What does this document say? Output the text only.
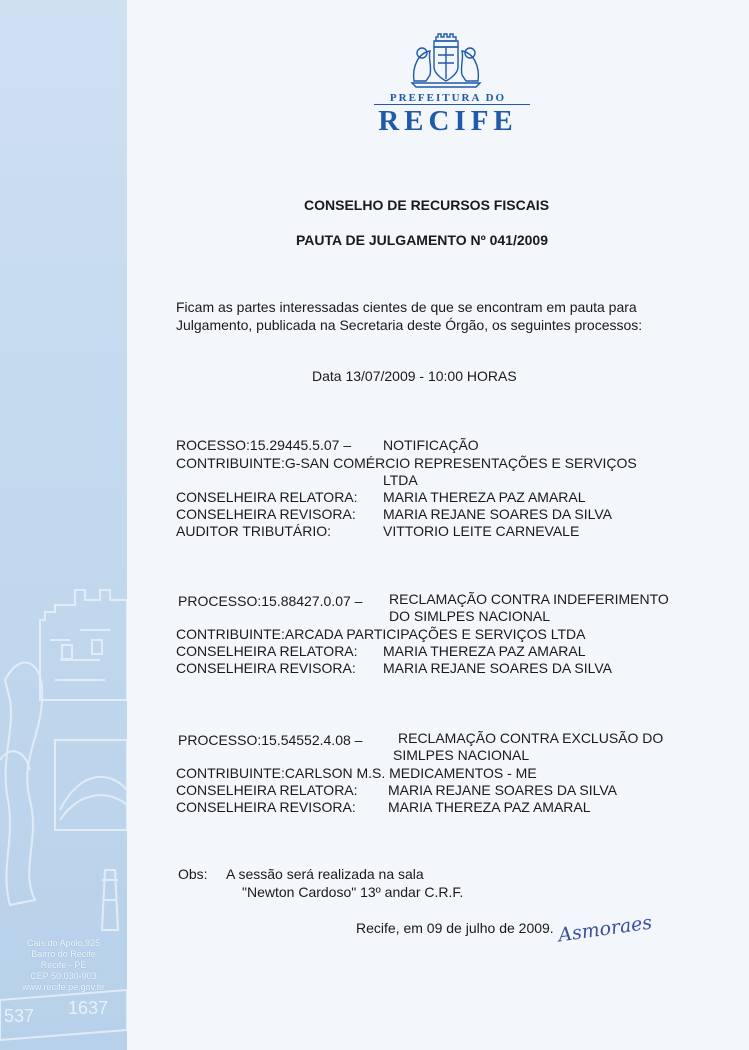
537 1637
Cais do Apolo,925
Bairro do Recife
Recife - PE
CEP 50.030-903
www.recife.pe.gov.br
PREFEITURA DO
RECIFE
CONSELHO DE RECURSOS FISCAIS
PAUTA DE JULGAMENTO Nº 041/2009
Ficam as partes interessadas cientes de que se encontram em pauta para
Julgamento, publicada na Secretaria deste Órgão, os seguintes processos:
Data 13/07/2009 - 10:00 HORAS
ROCESSO:15.29445.5.07 – NOTIFICAÇÃO
CONTRIBUINTE:G-SAN COMÉRCIO REPRESENTAÇÕES E SERVIÇOS
LTDA
CONSELHEIRA RELATORA: MARIA THEREZA PAZ AMARAL
CONSELHEIRA REVISORA: MARIA REJANE SOARES DA SILVA
AUDITOR TRIBUTÁRIO:	VITTORIO LEITE CARNEVALE
PROCESSO:15.88427.0.07 – RECLAMAÇÃO CONTRA INDEFERIMENTO
DO SIMLPES NACIONAL
CONTRIBUINTE:ARCADA PARTICIPAÇÕES E SERVIÇOS LTDA
CONSELHEIRA RELATORA: MARIA THEREZA PAZ AMARAL
CONSELHEIRA REVISORA: MARIA REJANE SOARES DA SILVA
PROCESSO:15.54552.4.08 –	RECLAMAÇÃO CONTRA EXCLUSÃO DO
SIMLPES NACIONAL
CONTRIBUINTE:CARLSON M.S. MEDICAMENTOS - ME
CONSELHEIRA RELATORA: MARIA REJANE SOARES DA SILVA
CONSELHEIRA REVISORA: MARIA THEREZA PAZ AMARAL
Obs: A sessão será realizada na sala
"Newton Cardoso" 13º andar C.R.F.
Recife, em 09 de julho de 2009. Asmoraes
